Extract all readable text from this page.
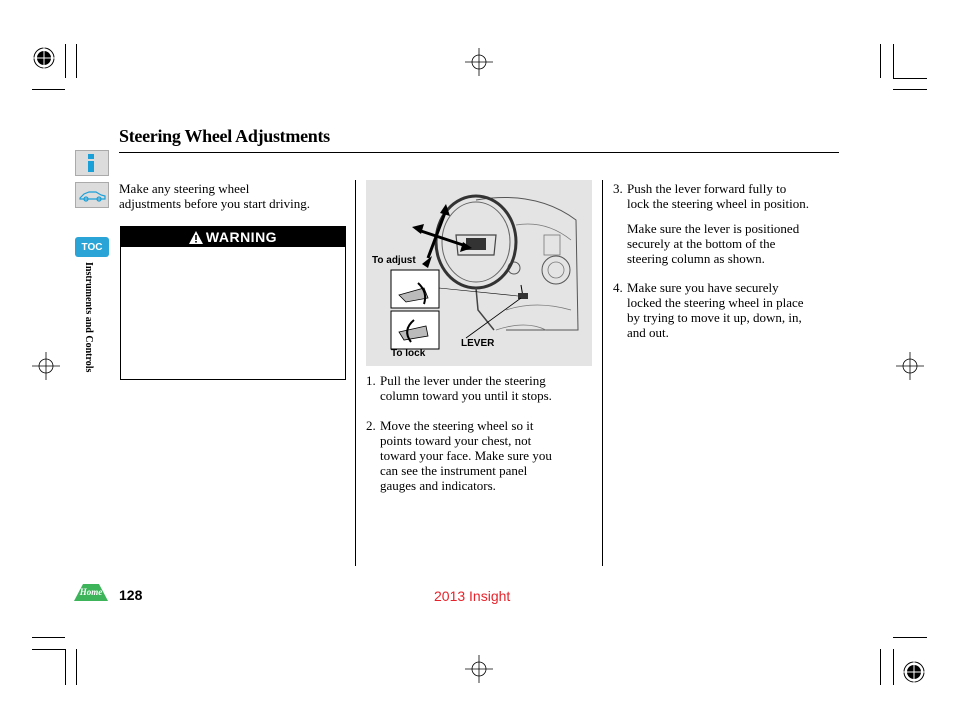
Steering Wheel Adjustments
TOC
Instruments and Controls
Home
Make any steering wheel
adjustments before you start driving.
WARNING
To adjust
To lock
LEVER
1. Pull the lever under the steering
column toward you until it stops.
2. Move the steering wheel so it
points toward your chest, not
toward your face. Make sure you
can see the instrument panel
gauges and indicators.
3. Push the lever forward fully to
lock the steering wheel in position.
Make sure the lever is positioned
securely at the bottom of the
steering column as shown.
4. Make sure you have securely
locked the steering wheel in place
by trying to move it up, down, in,
and out.
128	2013 Insight
